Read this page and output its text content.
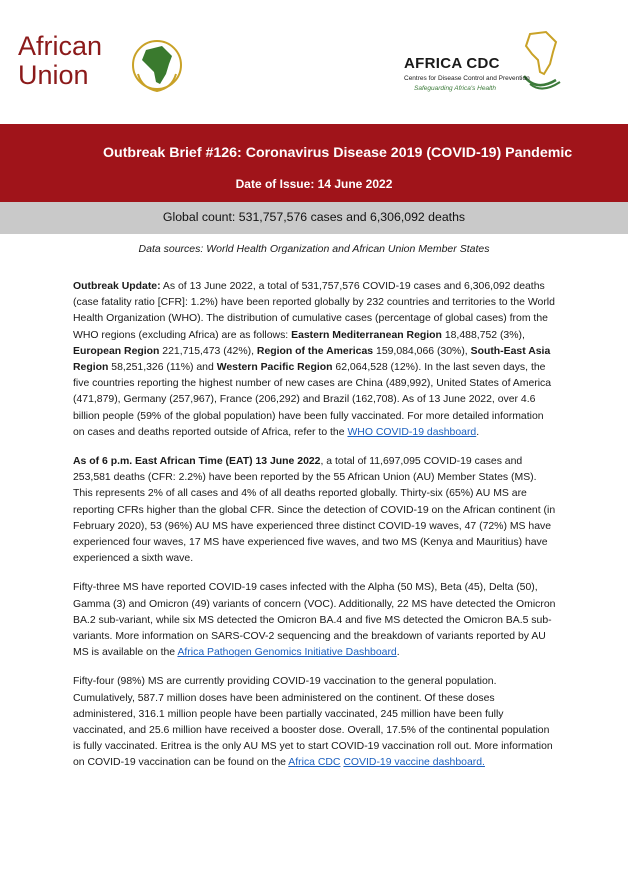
African
Union	AFRICA CDC
Centres for Disease Control and Prevention
Safeguarding Africa's Health
Outbreak Brief #126: Coronavirus Disease 2019 (COVID-19) Pandemic
Date of Issue: 14 June 2022
Global count: 531,757,576 cases and 6,306,092 deaths
Data sources: World Health Organization and African Union Member States

Outbreak Update: As of 13 June 2022, a total of 531,757,576 COVID-19 cases and 6,306,092 deaths (case fatality ratio [CFR]: 1.2%) have been reported globally by 232 countries and territories to the World Health Organization (WHO). The distribution of cumulative cases (percentage of global cases) from the WHO regions (excluding Africa) are as follows: Eastern Mediterranean Region 18,488,752 (3%), European Region 221,715,473 (42%), Region of the Americas 159,084,066 (30%), South-East Asia Region 58,251,326 (11%) and Western Pacific Region 62,064,528 (12%). In the last seven days, the five countries reporting the highest number of new cases are China (489,992), United States of America (471,879), Germany (257,967), France (206,292) and Brazil (162,708). As of 13 June 2022, over 4.6 billion people (59% of the global population) have been fully vaccinated. For more detailed information on cases and deaths reported outside of Africa, refer to the WHO COVID-19 dashboard.

As of 6 p.m. East African Time (EAT) 13 June 2022, a total of 11,697,095 COVID-19 cases and 253,581 deaths (CFR: 2.2%) have been reported by the 55 African Union (AU) Member States (MS). This represents 2% of all cases and 4% of all deaths reported globally. Thirty-six (65%) AU MS are reporting CFRs higher than the global CFR. Since the detection of COVID-19 on the African continent (in February 2020), 53 (96%) AU MS have experienced three distinct COVID-19 waves, 47 (72%) MS have experienced four waves, 17 MS have experienced five waves, and two MS (Kenya and Mauritius) have experienced a sixth wave.

Fifty-three MS have reported COVID-19 cases infected with the Alpha (50 MS), Beta (45), Delta (50), Gamma (3) and Omicron (49) variants of concern (VOC). Additionally, 22 MS have detected the Omicron BA.2 sub-variant, while six MS detected the Omicron BA.4 and five MS detected the Omicron BA.5 sub-variants. More information on SARS-COV-2 sequencing and the breakdown of variants reported by AU MS is available on the Africa Pathogen Genomics Initiative Dashboard.

Fifty-four (98%) MS are currently providing COVID-19 vaccination to the general population. Cumulatively, 587.7 million doses have been administered on the continent. Of these doses administered, 316.1 million people have been partially vaccinated, 245 million have been fully vaccinated, and 25.6 million have received a booster dose. Overall, 17.5% of the continental population is fully vaccinated. Eritrea is the only AU MS yet to start COVID-19 vaccination roll out. More information on COVID-19 vaccination can be found on the Africa CDC COVID-19 vaccine dashboard.
